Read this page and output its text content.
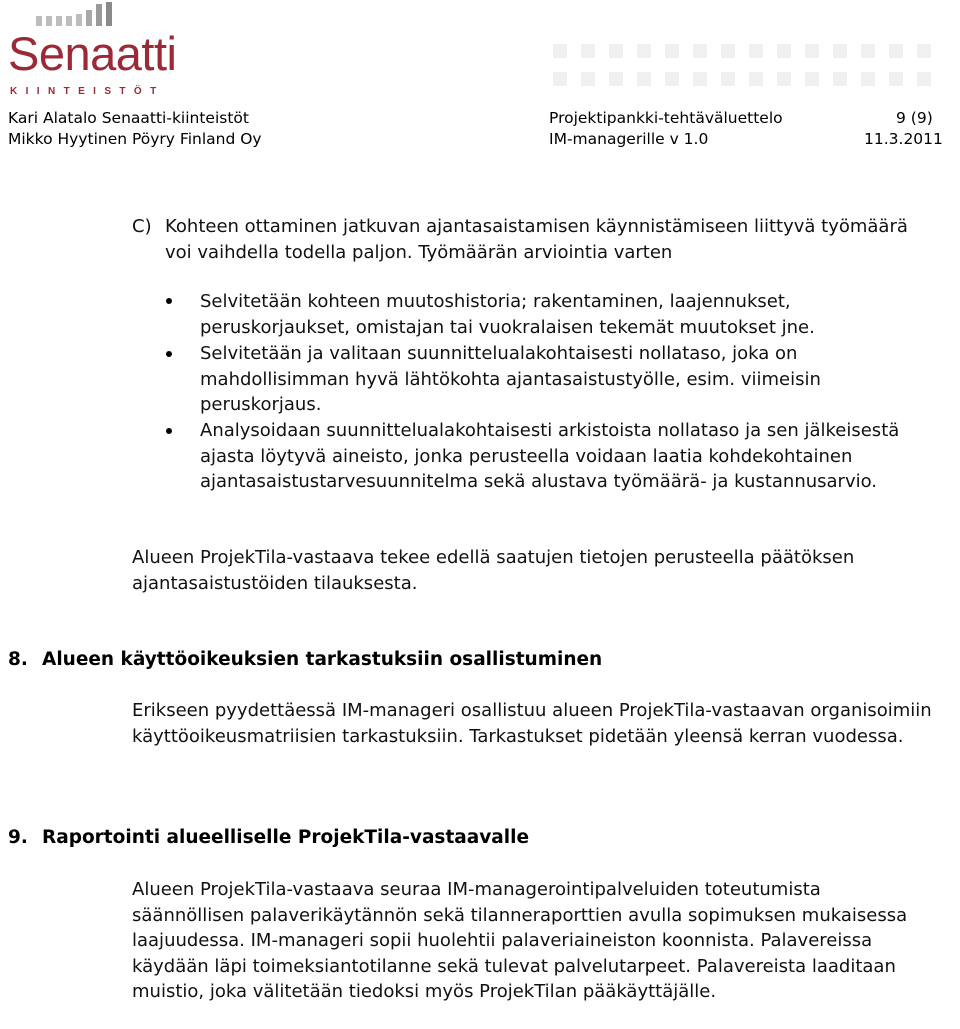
Senaatti
KIINTEISTÖT
Kari Alatalo Senaatti-kiinteistöt
Mikko Hyytinen Pöyry Finland Oy
Projektipankki-tehtäväluettelo
IM-managerille v 1.0
9 (9)
11.3.2011
C) Kohteen ottaminen jatkuvan ajantasaistamisen käynnistämiseen liittyvä työmäärä voi vaihdella todella paljon. Työmäärän arviointia varten
Selvitetään kohteen muutoshistoria; rakentaminen, laajennukset, peruskorjaukset, omistajan tai vuokralaisen tekemät muutokset jne.
Selvitetään ja valitaan suunnittelualakohtaisesti nollataso, joka on mahdollisimman hyvä lähtökohta ajantasaistustyölle, esim. viimeisin peruskorjaus.
Analysoidaan suunnittelualakohtaisesti arkistoista nollataso ja sen jälkeisestä ajasta löytyvä aineisto, jonka perusteella voidaan laatia kohdekohtainen ajantasaistustarvesuunnitelma sekä alustava työmäärä- ja kustannusarvio.
Alueen ProjekTila-vastaava tekee edellä saatujen tietojen perusteella päätöksen ajantasaistustöiden tilauksesta.
8. Alueen käyttöoikeuksien tarkastuksiin osallistuminen
Erikseen pyydettäessä IM-manageri osallistuu alueen ProjekTila-vastaavan organisoimiin käyttöoikeusmatriisien tarkastuksiin. Tarkastukset pidetään yleensä kerran vuodessa.
9. Raportointi alueelliselle ProjekTila-vastaavalle
Alueen ProjekTila-vastaava seuraa IM-managerointipalveluiden toteutumista säännöllisen palaverikäytännön sekä tilanneraporttien avulla sopimuksen mukaisessa laajuudessa. IM-manageri sopii huolehtii palaveriaineiston koonnista. Palavereissa käydään läpi toimeksiantotilanne sekä tulevat palvelutarpeet. Palavereista laaditaan muistio, joka välitetään tiedoksi myös ProjekTilan pääkäyttäjälle.
